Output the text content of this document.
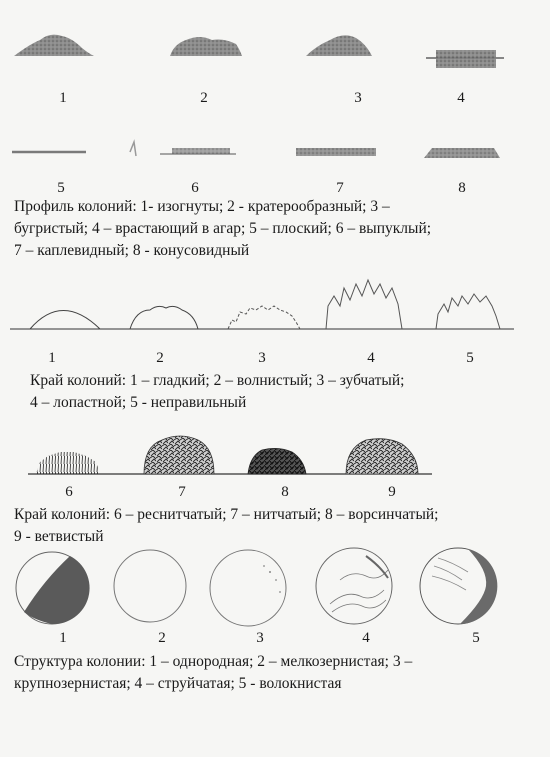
1	2	3	4
5	6	7	8
Профиль колоний: 1- изогнуты; 2 - кратерообразный; 3 –
бугристый; 4 – врастающий в агар; 5 – плоский; 6 – выпуклый;
7 – каплевидный; 8 - конусовидный
1	2	3	4	5
Край колоний: 1 – гладкий; 2 – волнистый; 3 – зубчатый;
4 – лопастной; 5 - неправильный
6	7	8	9
Край колоний: 6 – реснитчатый; 7 – нитчатый; 8 – ворсинчатый;
9 - ветвистый
1	2	3	4	5
Структура колонии: 1 – однородная; 2 – мелкозернистая; 3 –
крупнозернистая; 4 – струйчатая; 5 - волокнистая
